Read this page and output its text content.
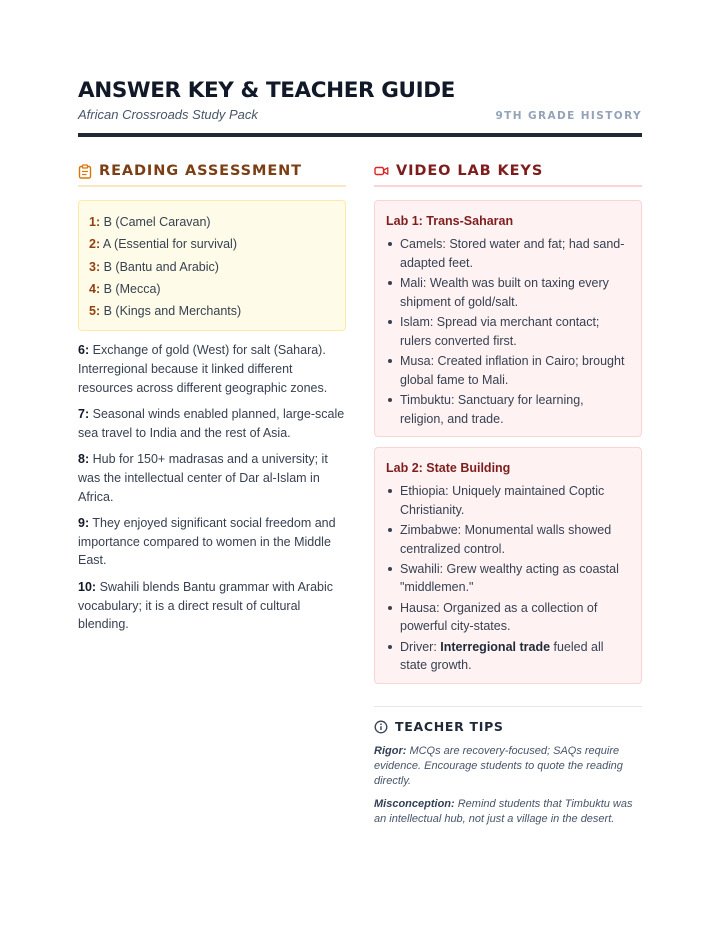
ANSWER KEY & TEACHER GUIDE
African Crossroads Study Pack	9TH GRADE HISTORY
READING ASSESSMENT
1: B (Camel Caravan)
2: A (Essential for survival)
3: B (Bantu and Arabic)
4: B (Mecca)
5: B (Kings and Merchants)

6: Exchange of gold (West) for salt (Sahara). Interregional because it linked different resources across different geographic zones.

7: Seasonal winds enabled planned, large-scale sea travel to India and the rest of Asia.

8: Hub for 150+ madrasas and a university; it was the intellectual center of Dar al-Islam in Africa.

9: They enjoyed significant social freedom and importance compared to women in the Middle East.

10: Swahili blends Bantu grammar with Arabic vocabulary; it is a direct result of cultural blending.

VIDEO LAB KEYS
Lab 1: Trans-Saharan
Camels: Stored water and fat; had sand-adapted feet.
Mali: Wealth was built on taxing every shipment of gold/salt.
Islam: Spread via merchant contact; rulers converted first.
Musa: Created inflation in Cairo; brought global fame to Mali.
Timbuktu: Sanctuary for learning, religion, and trade.
Lab 2: State Building
Ethiopia: Uniquely maintained Coptic Christianity.
Zimbabwe: Monumental walls showed centralized control.
Swahili: Grew wealthy acting as coastal "middlemen."
Hausa: Organized as a collection of powerful city-states.
Driver: Interregional trade fueled all state growth.
TEACHER TIPS

Rigor: MCQs are recovery-focused; SAQs require evidence. Encourage students to quote the reading directly.

Misconception: Remind students that Timbuktu was an intellectual hub, not just a village in the desert.
